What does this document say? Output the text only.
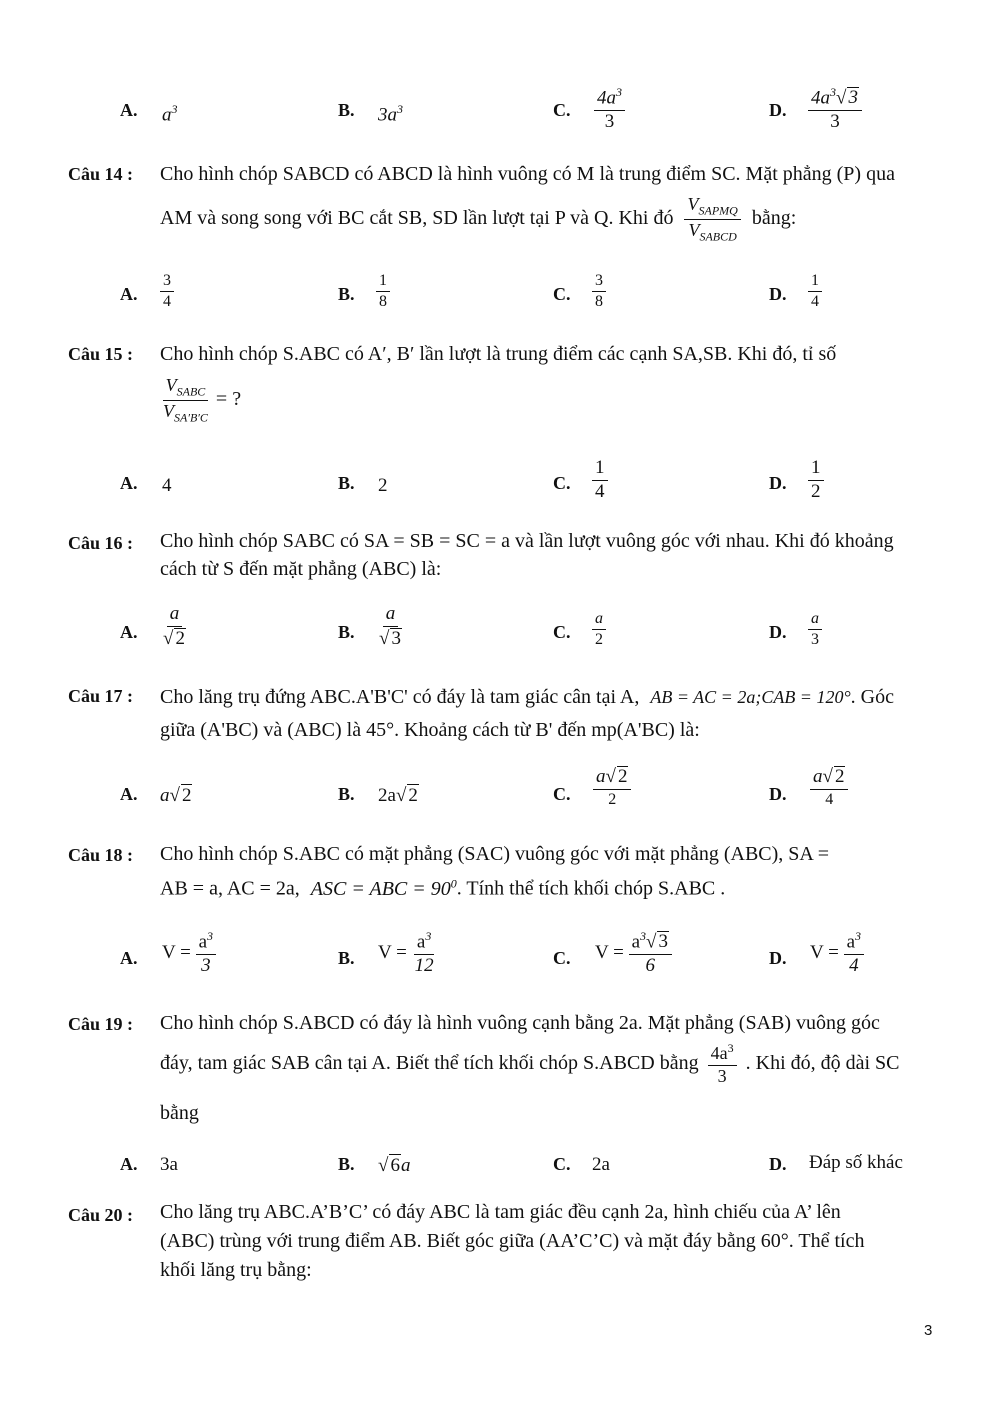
A. $a^3$	B. $3a^3$	C. $\frac{4a^3}{3}$	D. $\frac{4a^3√ 3}{3}$
Câu 14 : Cho hình chóp SABCD có ABCD là hình vuông có M là trung điểm SC. Mặt phẳng (P) qua
AM và song song với BC cắt SB, SD lần lượt tại P và Q. Khi đó $\frac{V_{SAPMQ}}{V_{SABCD}}$ bằng:
A. $\frac{3}{4}$	B. $\frac{1}{8}$	C. $\frac{3}{8}$	D. $\frac{1}{4}$
Câu 15 : Cho hình chóp S.ABC có A′, B′ lần lượt là trung điểm các cạnh SA,SB. Khi đó, tỉ số
$\frac{V_{SABC}}{V_{SA'B'C}}$ = ?
A. 4	B. 2	C. $\frac{1}{4}$	D. $\frac{1}{2}$
Câu 16 : Cho hình chóp SABC có SA = SB = SC = a và lần lượt vuông góc với nhau. Khi đó khoảng
cách từ S đến mặt phẳng (ABC) là:
A. $\frac{a}{√ 2}$	B. $\frac{a}{√ 3}$	C. $\frac{a}{2}$	D. $\frac{a}{3}$
Câu 17 : Cho lăng trụ đứng ABC.A'B'C' có đáy là tam giác cân tại A, AB = AC = 2a;CAB = 120°. Góc
giữa (A'BC) và (ABC) là 45°. Khoảng cách từ B' đến mp(A'BC) là:
A. a√ 2	B. 2a√ 2	C. $\frac{a√ 2}{2}$	D. $\frac{a√ 2}{4}$
Câu 18 : Cho hình chóp S.ABC có mặt phẳng (SAC) vuông góc với mặt phẳng (ABC), SA =
AB = a, AC = 2a, ASC = ABC = $90^0$. Tính thể tích khối chóp S.ABC .
A. $V = \frac{a^3}{3}$	B. $V = \frac{a^3}{12}$	C. $V = \frac{a^3√ 3}{6}$	D. $V = \frac{a^3}{4}$
Câu 19 : Cho hình chóp S.ABCD có đáy là hình vuông cạnh bằng 2a. Mặt phẳng (SAB) vuông góc
đáy, tam giác SAB cân tại A. Biết thể tích khối chóp S.ABCD bằng $\frac{4a^3}{3}$ . Khi đó, độ dài SC
bằng
A. 3a	B. √ 6a	C. 2a	D. Đáp số khác
Câu 20 : Cho lăng trụ ABC.A’B’C’ có đáy ABC là tam giác đều cạnh 2a, hình chiếu của A’ lên
(ABC) trùng với trung điểm AB. Biết góc giữa (AA’C’C) và mặt đáy bằng 60°. Thể tích
khối lăng trụ bằng:
3
